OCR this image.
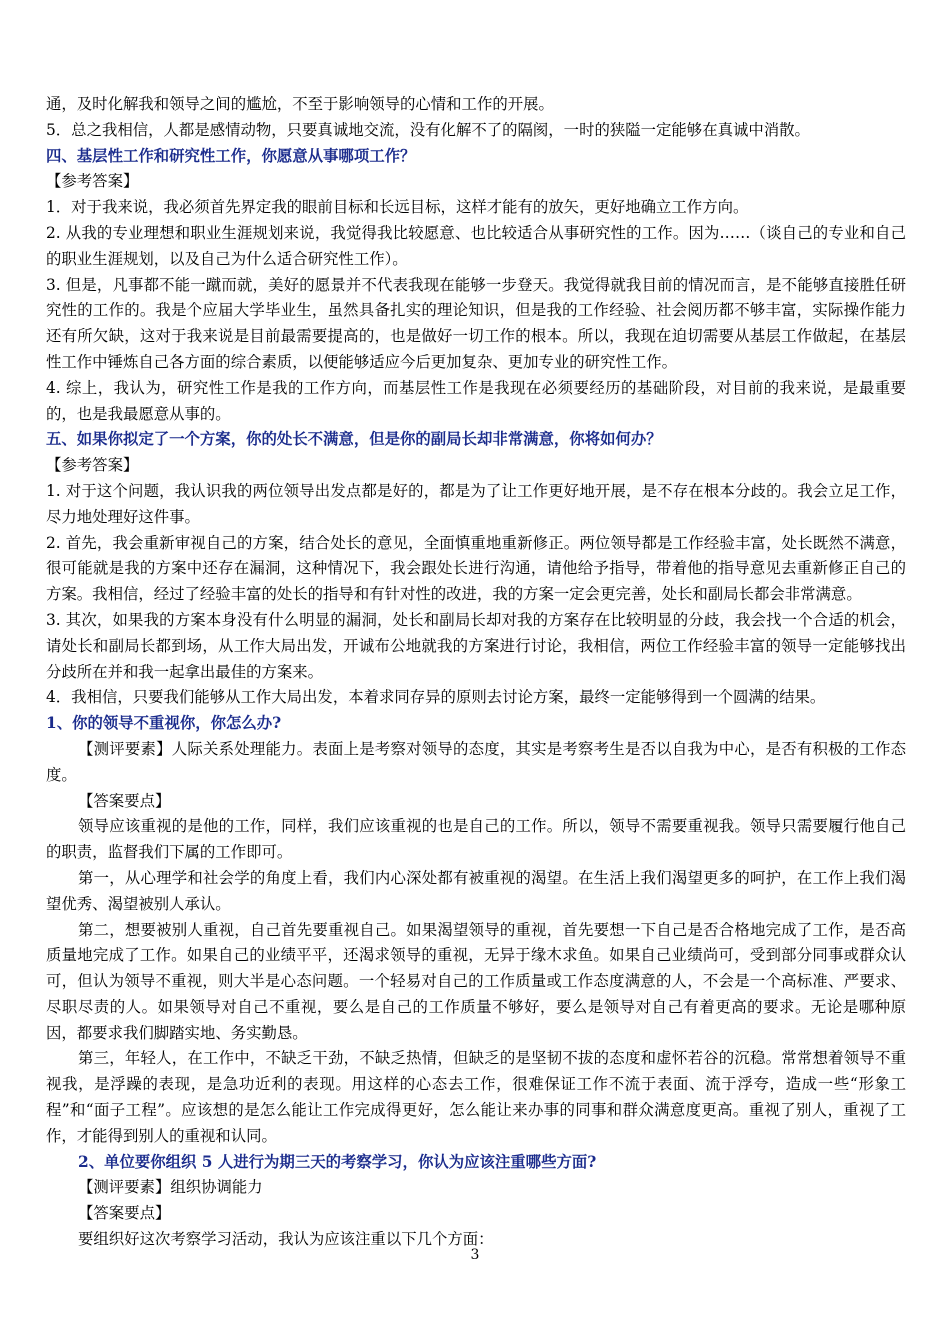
通，及时化解我和领导之间的尴尬，不至于影响领导的心情和工作的开展。

5．总之我相信，人都是感情动物，只要真诚地交流，没有化解不了的隔阂，一时的狭隘一定能够在真诚中消散。

四、基层性工作和研究性工作，你愿意从事哪项工作？

【参考答案】

1．对于我来说，我必须首先界定我的眼前目标和长远目标，这样才能有的放矢，更好地确立工作方向。

2. 从我的专业理想和职业生涯规划来说，我觉得我比较愿意、也比较适合从事研究性的工作。因为……（谈自己的专业和自己的职业生涯规划，以及自己为什么适合研究性工作）。

3. 但是，凡事都不能一蹴而就，美好的愿景并不代表我现在能够一步登天。我觉得就我目前的情况而言，是不能够直接胜任研究性的工作的。我是个应届大学毕业生，虽然具备扎实的理论知识，但是我的工作经验、社会阅历都不够丰富，实际操作能力还有所欠缺，这对于我来说是目前最需要提高的，也是做好一切工作的根本。所以，我现在迫切需要从基层工作做起，在基层性工作中锤炼自己各方面的综合素质，以便能够适应今后更加复杂、更加专业的研究性工作。

4. 综上，我认为，研究性工作是我的工作方向，而基层性工作是我现在必须要经历的基础阶段，对目前的我来说，是最重要的，也是我最愿意从事的。

五、如果你拟定了一个方案，你的处长不满意，但是你的副局长却非常满意，你将如何办？

【参考答案】

1. 对于这个问题，我认识我的两位领导出发点都是好的，都是为了让工作更好地开展，是不存在根本分歧的。我会立足工作，尽力地处理好这件事。

2. 首先，我会重新审视自己的方案，结合处长的意见，全面慎重地重新修正。两位领导都是工作经验丰富，处长既然不满意，很可能就是我的方案中还存在漏洞，这种情况下，我会跟处长进行沟通，请他给予指导，带着他的指导意见去重新修正自己的方案。我相信，经过了经验丰富的处长的指导和有针对性的改进，我的方案一定会更完善，处长和副局长都会非常满意。

3. 其次，如果我的方案本身没有什么明显的漏洞，处长和副局长却对我的方案存在比较明显的分歧，我会找一个合适的机会，请处长和副局长都到场，从工作大局出发，开诚布公地就我的方案进行讨论，我相信，两位工作经验丰富的领导一定能够找出分歧所在并和我一起拿出最佳的方案来。

4．我相信，只要我们能够从工作大局出发，本着求同存异的原则去讨论方案，最终一定能够得到一个圆满的结果。

1、你的领导不重视你，你怎么办?

【测评要素】人际关系处理能力。表面上是考察对领导的态度，其实是考察考生是否以自我为中心，是否有积极的工作态度。

【答案要点】

领导应该重视的是他的工作，同样，我们应该重视的也是自己的工作。所以，领导不需要重视我。领导只需要履行他自己的职责，监督我们下属的工作即可。

第一，从心理学和社会学的角度上看，我们内心深处都有被重视的渴望。在生活上我们渴望更多的呵护，在工作上我们渴望优秀、渴望被别人承认。

第二，想要被别人重视，自己首先要重视自己。如果渴望领导的重视，首先要想一下自己是否合格地完成了工作，是否高质量地完成了工作。如果自己的业绩平平，还渴求领导的重视，无异于缘木求鱼。如果自己业绩尚可，受到部分同事或群众认可，但认为领导不重视，则大半是心态问题。一个轻易对自己的工作质量或工作态度满意的人，不会是一个高标准、严要求、尽职尽责的人。如果领导对自己不重视，要么是自己的工作质量不够好，要么是领导对自己有着更高的要求。无论是哪种原因，都要求我们脚踏实地、务实勤恳。

第三，年轻人，在工作中，不缺乏干劲，不缺乏热情，但缺乏的是坚韧不拔的态度和虚怀若谷的沉稳。常常想着领导不重视我，是浮躁的表现，是急功近利的表现。用这样的心态去工作，很难保证工作不流于表面、流于浮夸，造成一些“形象工程”和“面子工程”。应该想的是怎么能让工作完成得更好，怎么能让来办事的同事和群众满意度更高。重视了别人，重视了工作，才能得到别人的重视和认同。

2、单位要你组织 5 人进行为期三天的考察学习，你认为应该注重哪些方面?

【测评要素】组织协调能力

【答案要点】

要组织好这次考察学习活动，我认为应该注重以下几个方面：

3
